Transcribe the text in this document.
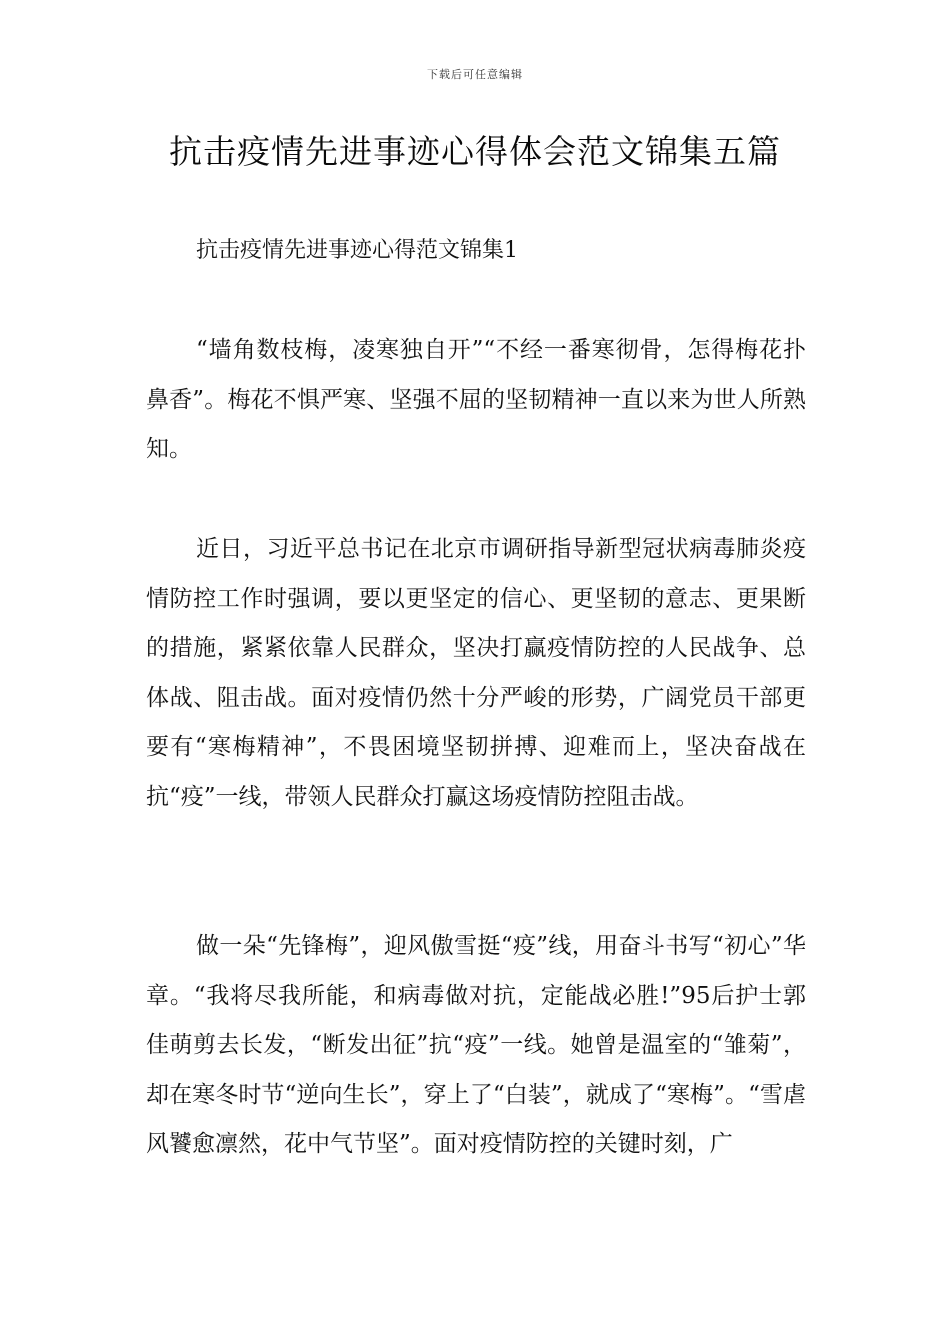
下载后可任意编辑
抗击疫情先进事迹心得体会范文锦集五篇
抗击疫情先进事迹心得范文锦集1

“墙角数枝梅，凌寒独自开”“不经一番寒彻骨，怎得梅花扑鼻香”。梅花不惧严寒、坚强不屈的坚韧精神一直以来为世人所熟知。

近日，习近平总书记在北京市调研指导新型冠状病毒肺炎疫情防控工作时强调，要以更坚定的信心、更坚韧的意志、更果断的措施，紧紧依靠人民群众，坚决打赢疫情防控的人民战争、总体战、阻击战。面对疫情仍然十分严峻的形势，广阔党员干部更要有“寒梅精神”，不畏困境坚韧拼搏、迎难而上，坚决奋战在抗“疫”一线，带领人民群众打赢这场疫情防控阻击战。

做一朵“先锋梅”，迎风傲雪挺“疫”线，用奋斗书写“初心”华章。“我将尽我所能，和病毒做对抗，定能战必胜!”95后护士郭佳萌剪去长发，“断发出征”抗“疫”一线。她曾是温室的“雏菊”，却在寒冬时节“逆向生长”，穿上了“白装”，就成了“寒梅”。“雪虐风饕愈凛然，花中气节坚”。面对疫情防控的关键时刻，广
